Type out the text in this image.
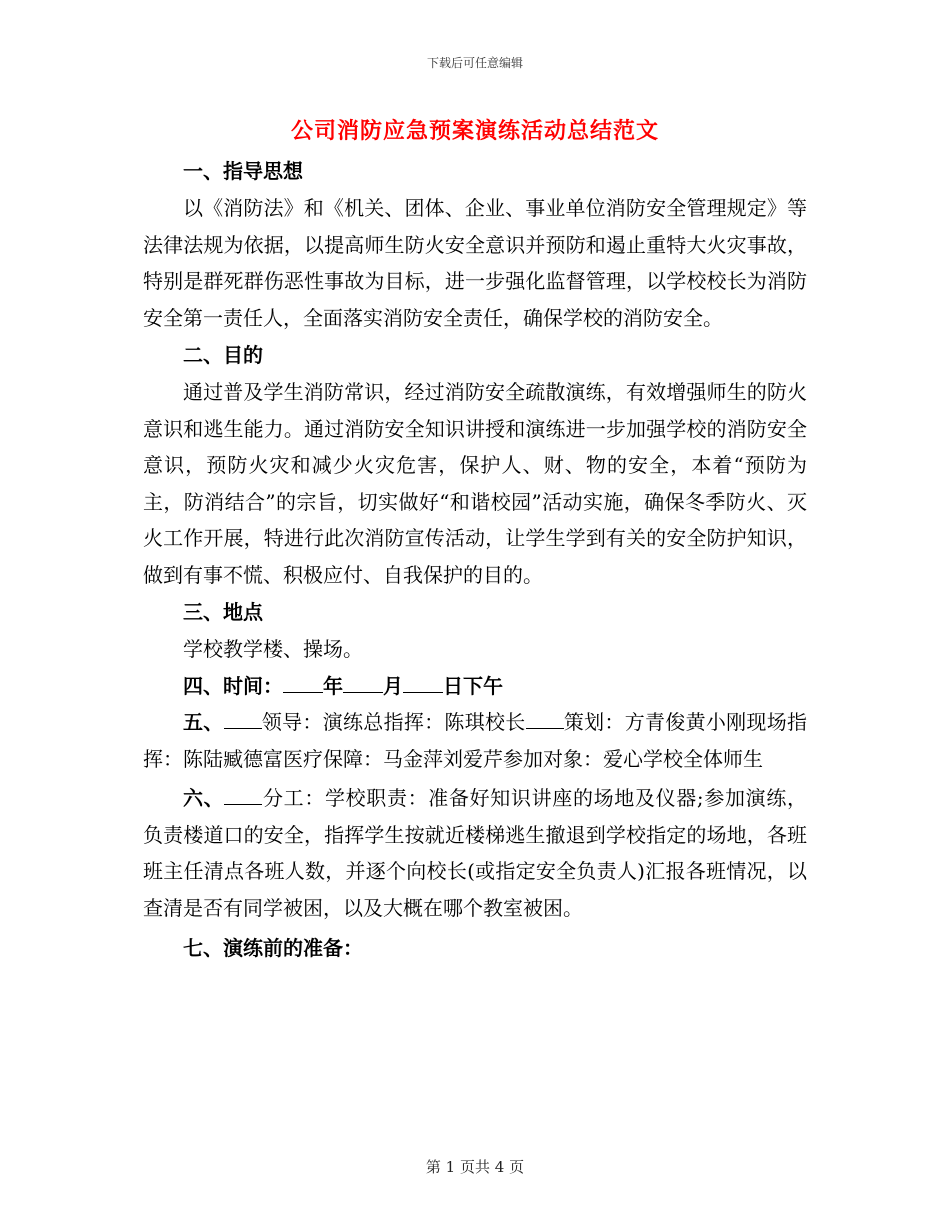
下载后可任意编辑
公司消防应急预案演练活动总结范文
一、指导思想

以《消防法》和《机关、团体、企业、事业单位消防安全管理规定》等法律法规为依据，以提高师生防火安全意识并预防和遏止重特大火灾事故，特别是群死群伤恶性事故为目标，进一步强化监督管理，以学校校长为消防安全第一责任人，全面落实消防安全责任，确保学校的消防安全。

二、目的

通过普及学生消防常识，经过消防安全疏散演练，有效增强师生的防火意识和逃生能力。通过消防安全知识讲授和演练进一步加强学校的消防安全意识，预防火灾和减少火灾危害，保护人、财、物的安全，本着“预防为主，防消结合”的宗旨，切实做好“和谐校园”活动实施，确保冬季防火、灭火工作开展，特进行此次消防宣传活动，让学生学到有关的安全防护知识，做到有事不慌、积极应付、自我保护的目的。

三、地点

学校教学楼、操场。

四、时间： 年 月 日下午

五、 领导：演练总指挥：陈琪校长 策划：方青俊黄小刚现场指挥：陈陆臧德富医疗保障：马金萍刘爱芹参加对象：爱心学校全体师生

六、 分工：学校职责：准备好知识讲座的场地及仪器;参加演练，负责楼道口的安全，指挥学生按就近楼梯逃生撤退到学校指定的场地，各班班主任清点各班人数，并逐个向校长(或指定安全负责人)汇报各班情况，以查清是否有同学被困，以及大概在哪个教室被困。

七、演练前的准备：
第 1 页共 4 页
